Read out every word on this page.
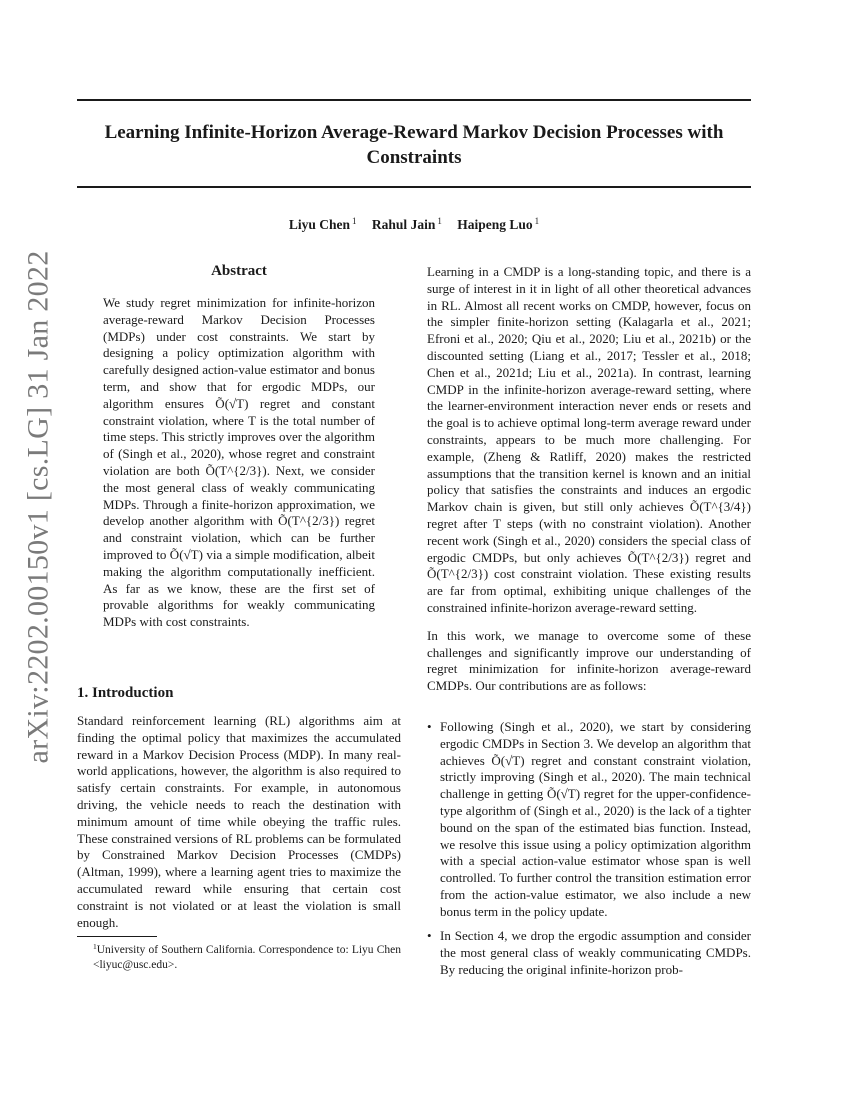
arXiv:2202.00150v1 [cs.LG] 31 Jan 2022
Learning Infinite-Horizon Average-Reward Markov Decision Processes with Constraints
Liyu Chen $^1$ Rahul Jain $^1$ Haipeng Luo $^1$
Abstract
We study regret minimization for infinite-horizon average-reward Markov Decision Processes (MDPs) under cost constraints. We start by designing a policy optimization algorithm with carefully designed action-value estimator and bonus term, and show that for ergodic MDPs, our algorithm ensures Õ(√T) regret and constant constraint violation, where T is the total number of time steps. This strictly improves over the algorithm of (Singh et al., 2020), whose regret and constraint violation are both Õ(T^{2/3}). Next, we consider the most general class of weakly communicating MDPs. Through a finite-horizon approximation, we develop another algorithm with Õ(T^{2/3}) regret and constraint violation, which can be further improved to Õ(√T) via a simple modification, albeit making the algorithm computationally inefficient. As far as we know, these are the first set of provable algorithms for weakly communicating MDPs with cost constraints.
1. Introduction
Standard reinforcement learning (RL) algorithms aim at finding the optimal policy that maximizes the accumulated reward in a Markov Decision Process (MDP). In many real-world applications, however, the algorithm is also required to satisfy certain constraints. For example, in autonomous driving, the vehicle needs to reach the destination with minimum amount of time while obeying the traffic rules. These constrained versions of RL problems can be formulated by Constrained Markov Decision Processes (CMDPs) (Altman, 1999), where a learning agent tries to maximize the accumulated reward while ensuring that certain cost constraint is not violated or at least the violation is small enough.
$^1$University of Southern California. Correspondence to: Liyu Chen <liyuc@usc.edu>.

Learning in a CMDP is a long-standing topic, and there is a surge of interest in it in light of all other theoretical advances in RL. Almost all recent works on CMDP, however, focus on the simpler finite-horizon setting (Kalagarla et al., 2021; Efroni et al., 2020; Qiu et al., 2020; Liu et al., 2021b) or the discounted setting (Liang et al., 2017; Tessler et al., 2018; Chen et al., 2021d; Liu et al., 2021a). In contrast, learning CMDP in the infinite-horizon average-reward setting, where the learner-environment interaction never ends or resets and the goal is to achieve optimal long-term average reward under constraints, appears to be much more challenging. For example, (Zheng & Ratliff, 2020) makes the restricted assumptions that the transition kernel is known and an initial policy that satisfies the constraints and induces an ergodic Markov chain is given, but still only achieves Õ(T^{3/4}) regret after T steps (with no constraint violation). Another recent work (Singh et al., 2020) considers the special class of ergodic CMDPs, but only achieves Õ(T^{2/3}) regret and Õ(T^{2/3}) cost constraint violation. These existing results are far from optimal, exhibiting unique challenges of the constrained infinite-horizon average-reward setting.

In this work, we manage to overcome some of these challenges and significantly improve our understanding of regret minimization for infinite-horizon average-reward CMDPs. Our contributions are as follows:

• Following (Singh et al., 2020), we start by considering ergodic CMDPs in Section 3. We develop an algorithm that achieves Õ(√T) regret and constant constraint violation, strictly improving (Singh et al., 2020). The main technical challenge in getting Õ(√T) regret for the upper-confidence-type algorithm of (Singh et al., 2020) is the lack of a tighter bound on the span of the estimated bias function. Instead, we resolve this issue using a policy optimization algorithm with a special action-value estimator whose span is well controlled. To further control the transition estimation error from the action-value estimator, we also include a new bonus term in the policy update.
• In Section 4, we drop the ergodic assumption and consider the most general class of weakly communicating CMDPs. By reducing the original infinite-horizon prob-
